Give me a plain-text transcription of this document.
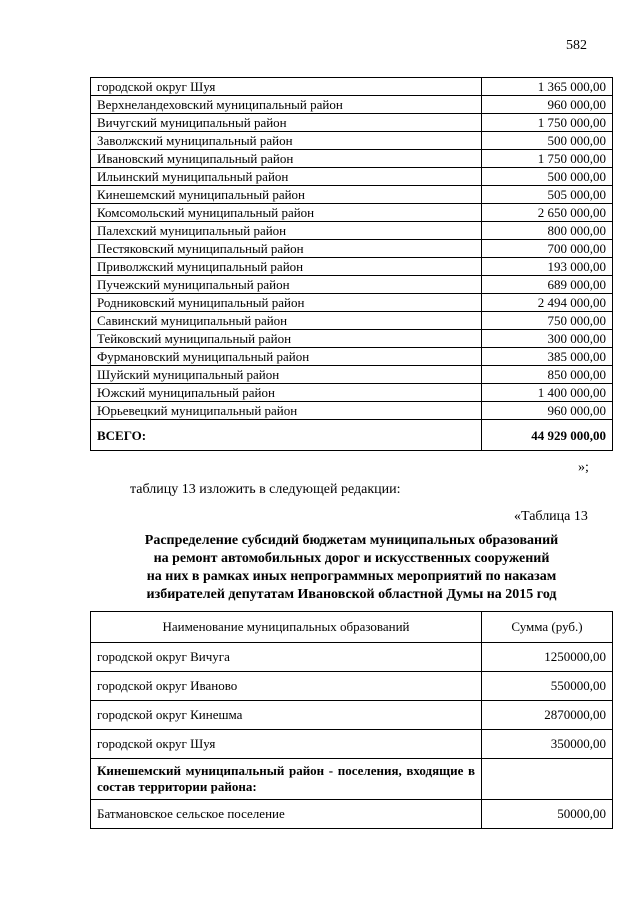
582
городской округ Шуя	1 365 000,00
Верхнеландеховский муниципальный район	960 000,00
Вичугский муниципальный район	1 750 000,00
Заволжский муниципальный район	500 000,00
Ивановский муниципальный район	1 750 000,00
Ильинский муниципальный район	500 000,00
Кинешемский муниципальный район	505 000,00
Комсомольский муниципальный район	2 650 000,00
Палехский муниципальный район	800 000,00
Пестяковский муниципальный район	700 000,00
Приволжский муниципальный район	193 000,00
Пучежский муниципальный район	689 000,00
Родниковский муниципальный район	2 494 000,00
Савинский муниципальный район	750 000,00
Тейковский муниципальный район	300 000,00
Фурмановский муниципальный район	385 000,00
Шуйский муниципальный район	850 000,00
Южский муниципальный район	1 400 000,00
Юрьевецкий муниципальный район	960 000,00
ВСЕГО:	44 929 000,00
»;
таблицу 13 изложить в следующей редакции:
«Таблица 13
Распределение субсидий бюджетам муниципальных образований
на ремонт автомобильных дорог и искусственных сооружений
на них в рамках иных непрограммных мероприятий по наказам
избирателей депутатам Ивановской областной Думы на 2015 год
Наименование муниципальных образований	Сумма (руб.)
городской округ Вичуга	1250000,00
городской округ Иваново	550000,00
городской округ Кинешма	2870000,00
городской округ Шуя	350000,00
Кинешемский муниципальный район - поселения, входящие в состав территории района:	
Батмановское сельское поселение	50000,00
